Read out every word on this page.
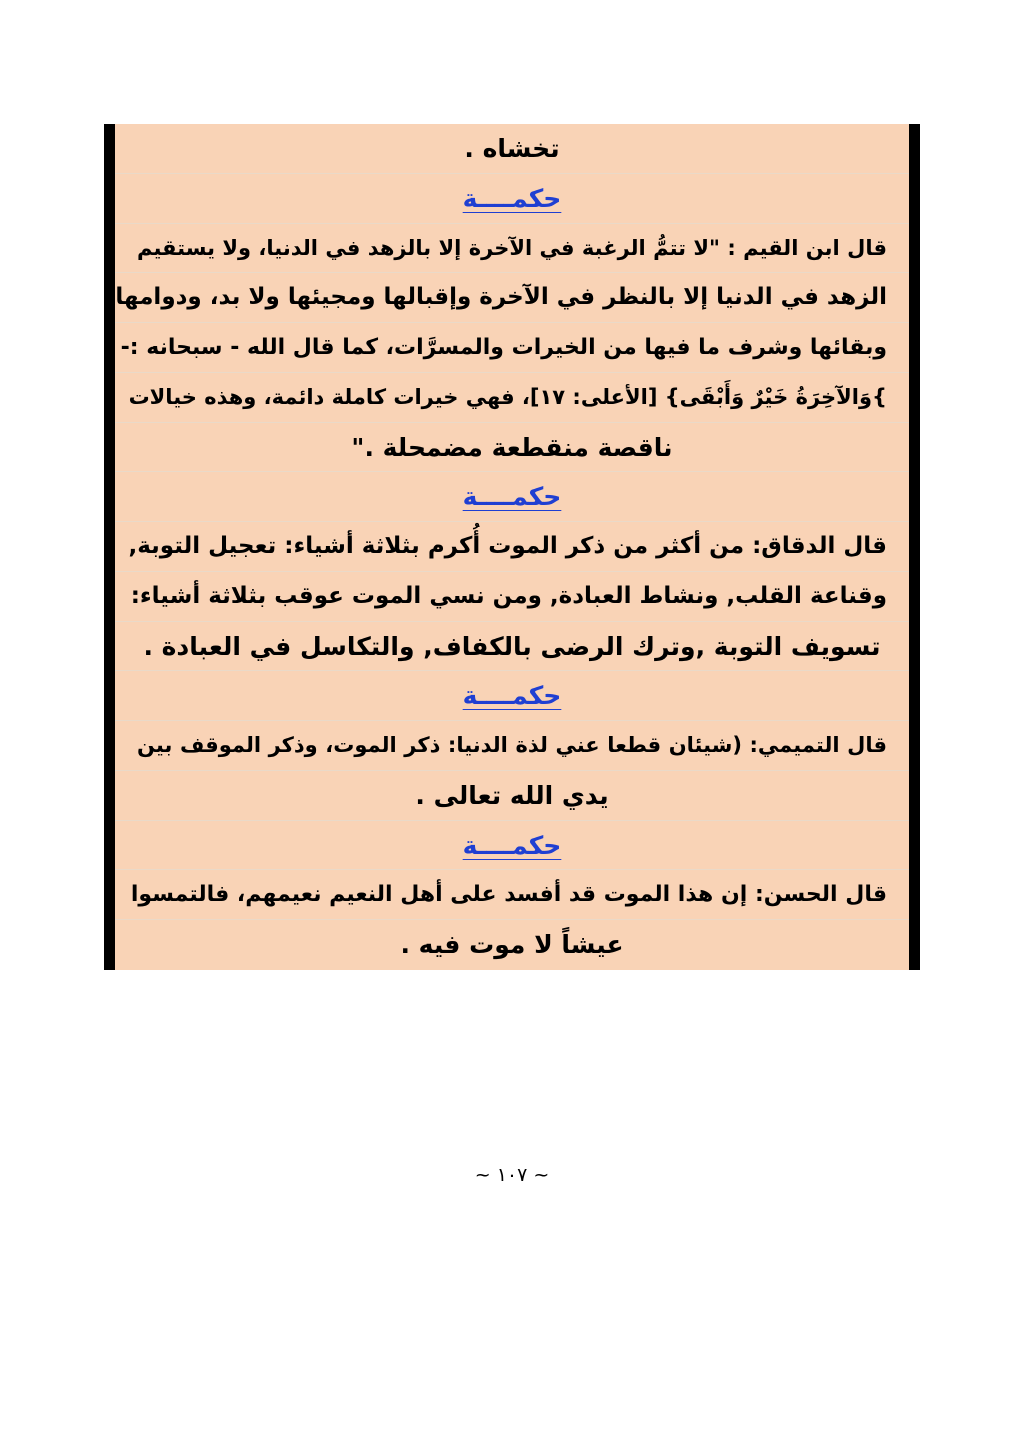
تخشاه .
حكمــــة
قال ابن القيم : "لا تتمُّ الرغبة في الآخرة إلا بالزهد في الدنيا، ولا يستقيم
الزهد في الدنيا إلا بالنظر في الآخرة وإقبالها ومجيئها ولا بد، ودوامها
وبقائها وشرف ما فيها من الخيرات والمسرَّات، كما قال الله - سبحانه :-
}وَالآخِرَةُ خَيْرٌ وَأَبْقَى} [الأعلى: ١٧]، فهي خيرات كاملة دائمة، وهذه خيالات
ناقصة منقطعة مضمحلة ."
حكمــــة
قال الدقاق: من أكثر من ذكر الموت أُكرم بثلاثة أشياء: تعجيل التوبة,
وقناعة القلب, ونشاط العبادة, ومن نسي الموت عوقب بثلاثة أشياء:
تسويف التوبة ,وترك الرضى بالكفاف, والتكاسل في العبادة .
حكمــــة
قال التميمي: (شيئان قطعا عني لذة الدنيا: ذكر الموت، وذكر الموقف بين
يدي الله تعالى .
حكمــــة
قال الحسن: إن هذا الموت قد أفسد على أهل النعيم نعيمهم، فالتمسوا
عيشاً لا موت فيه .
~ ١٠٧ ~
